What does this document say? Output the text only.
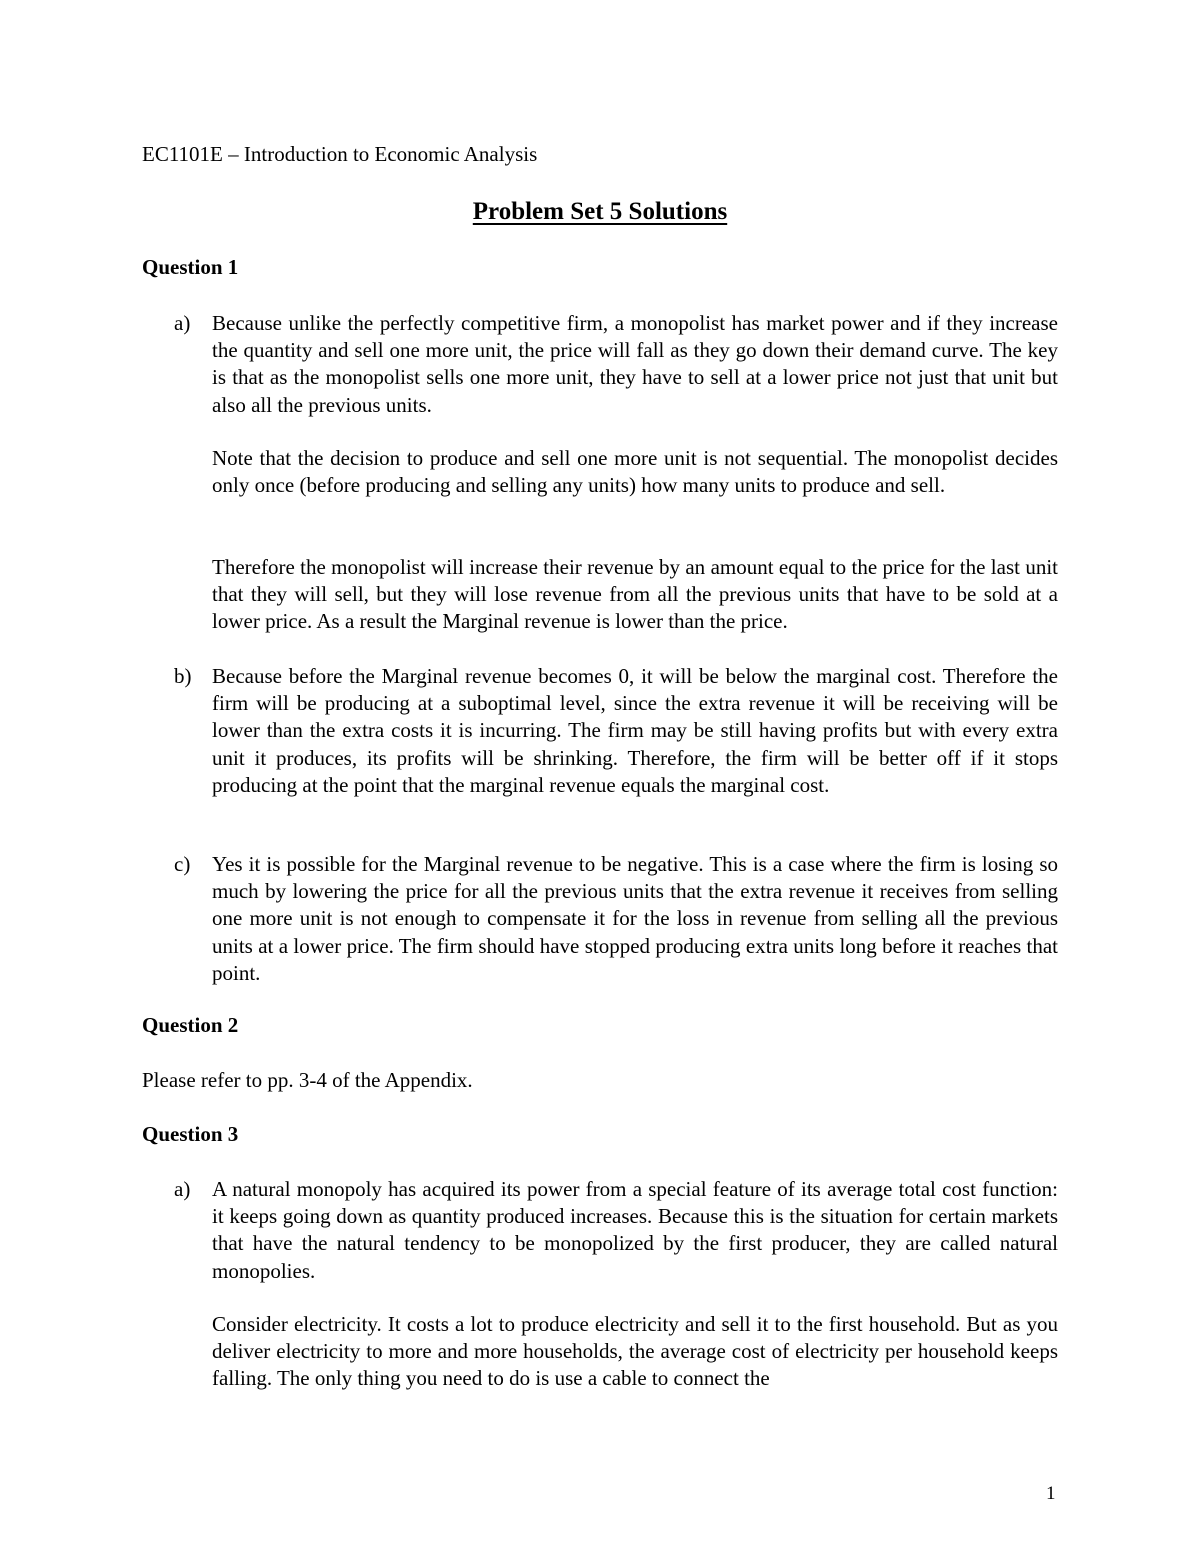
EC1101E – Introduction to Economic Analysis
Problem Set 5 Solutions
Question 1
a) Because unlike the perfectly competitive firm, a monopolist has market power and if they increase the quantity and sell one more unit, the price will fall as they go down their demand curve. The key is that as the monopolist sells one more unit, they have to sell at a lower price not just that unit but also all the previous units.
Note that the decision to produce and sell one more unit is not sequential. The monopolist decides only once (before producing and selling any units) how many units to produce and sell.
Therefore the monopolist will increase their revenue by an amount equal to the price for the last unit that they will sell, but they will lose revenue from all the previous units that have to be sold at a lower price. As a result the Marginal revenue is lower than the price.
b) Because before the Marginal revenue becomes 0, it will be below the marginal cost. Therefore the firm will be producing at a suboptimal level, since the extra revenue it will be receiving will be lower than the extra costs it is incurring. The firm may be still having profits but with every extra unit it produces, its profits will be shrinking. Therefore, the firm will be better off if it stops producing at the point that the marginal revenue equals the marginal cost.
c) Yes it is possible for the Marginal revenue to be negative. This is a case where the firm is losing so much by lowering the price for all the previous units that the extra revenue it receives from selling one more unit is not enough to compensate it for the loss in revenue from selling all the previous units at a lower price. The firm should have stopped producing extra units long before it reaches that point.
Question 2
Please refer to pp. 3-4 of the Appendix.
Question 3
a) A natural monopoly has acquired its power from a special feature of its average total cost function: it keeps going down as quantity produced increases. Because this is the situation for certain markets that have the natural tendency to be monopolized by the first producer, they are called natural monopolies.
Consider electricity. It costs a lot to produce electricity and sell it to the first household. But as you deliver electricity to more and more households, the average cost of electricity per household keeps falling. The only thing you need to do is use a cable to connect the
1
